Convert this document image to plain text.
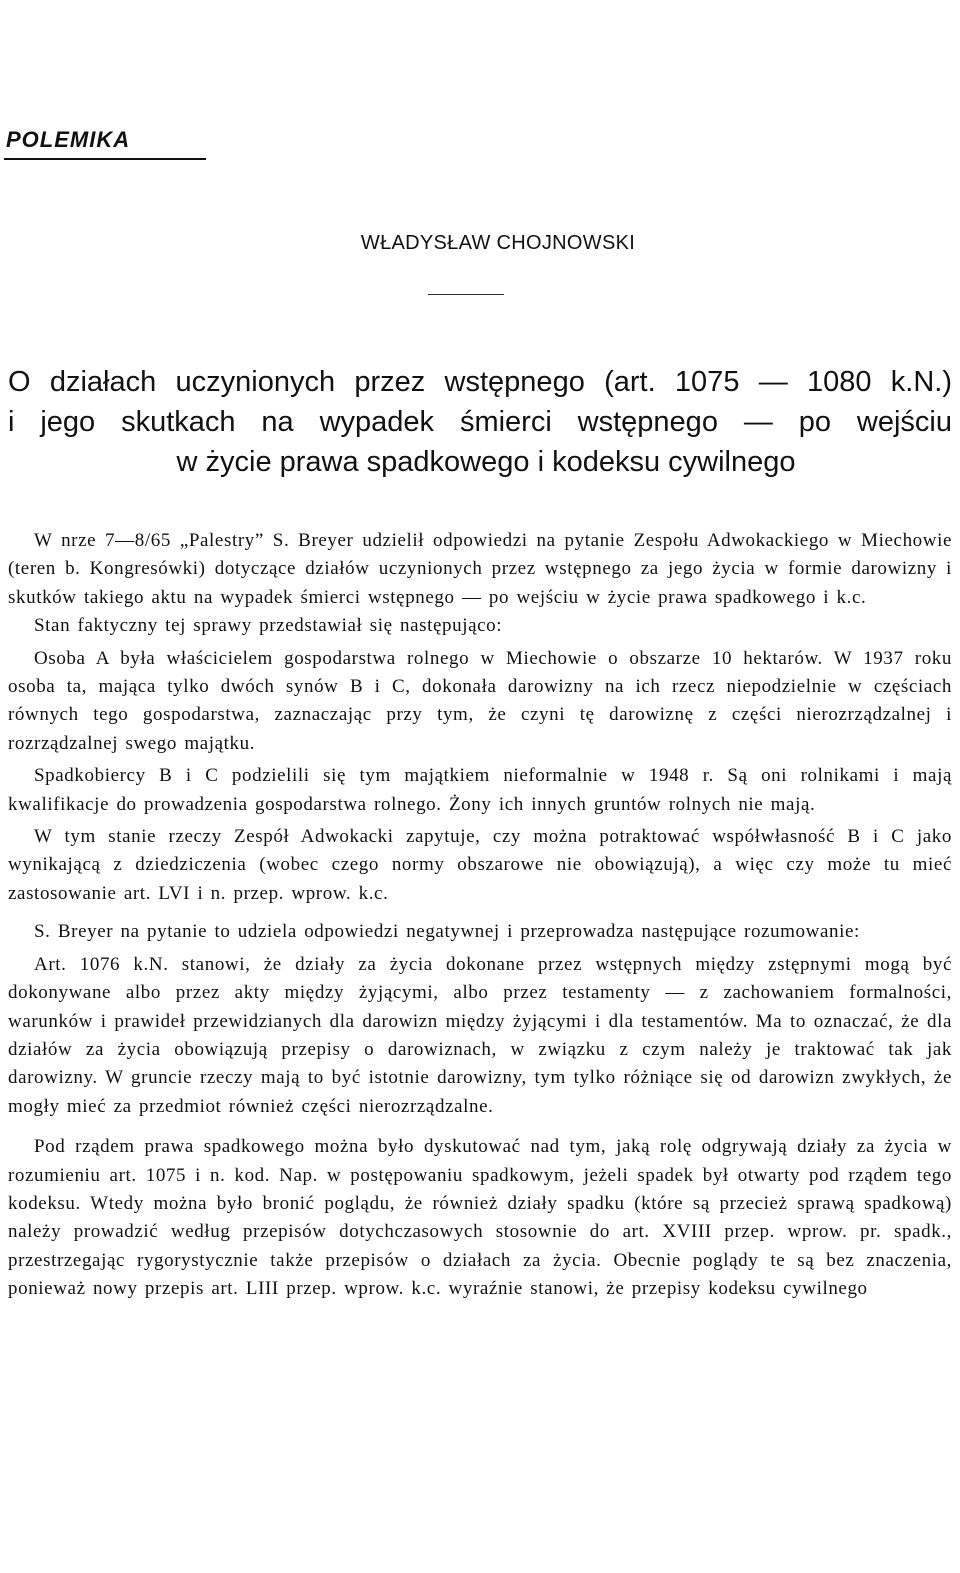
POLEMIKA
WŁADYSŁAW CHOJNOWSKI
O działach uczynionych przez wstępnego (art. 1075 — 1080 k.N.)
i jego skutkach na wypadek śmierci wstępnego — po wejściu
w życie prawa spadkowego i kodeksu cywilnego

W nrze 7—8/65 „Palestry” S. Breyer udzielił odpowiedzi na pytanie Zespołu Adwokackiego w Miechowie (teren b. Kongresówki) dotyczące działów uczynionych przez wstępnego za jego życia w formie darowizny i skutków takiego aktu na wypadek śmierci wstępnego — po wejściu w życie prawa spadkowego i k.c.

Stan faktyczny tej sprawy przedstawiał się następująco:

Osoba A była właścicielem gospodarstwa rolnego w Miechowie o obszarze 10 hektarów. W 1937 roku osoba ta, mająca tylko dwóch synów B i C, dokonała darowizny na ich rzecz niepodzielnie w częściach równych tego gospodarstwa, zaznaczając przy tym, że czyni tę darowiznę z części nierozrządzalnej i rozrządzalnej swego majątku.

Spadkobiercy B i C podzielili się tym majątkiem nieformalnie w 1948 r. Są oni rolnikami i mają kwalifikacje do prowadzenia gospodarstwa rolnego. Żony ich innych gruntów rolnych nie mają.

W tym stanie rzeczy Zespół Adwokacki zapytuje, czy można potraktować współwłasność B i C jako wynikającą z dziedziczenia (wobec czego normy obszarowe nie obowiązują), a więc czy może tu mieć zastosowanie art. LVI i n. przep. wprow. k.c.

S. Breyer na pytanie to udziela odpowiedzi negatywnej i przeprowadza następujące rozumowanie:

Art. 1076 k.N. stanowi, że działy za życia dokonane przez wstępnych między zstępnymi mogą być dokonywane albo przez akty między żyjącymi, albo przez testamenty — z zachowaniem formalności, warunków i prawideł przewidzianych dla darowizn między żyjącymi i dla testamentów. Ma to oznaczać, że dla działów za życia obowiązują przepisy o darowiznach, w związku z czym należy je traktować tak jak darowizny. W gruncie rzeczy mają to być istotnie darowizny, tym tylko różniące się od darowizn zwykłych, że mogły mieć za przedmiot również części nierozrządzalne.

Pod rządem prawa spadkowego można było dyskutować nad tym, jaką rolę odgrywają działy za życia w rozumieniu art. 1075 i n. kod. Nap. w postępowaniu spadkowym, jeżeli spadek był otwarty pod rządem tego kodeksu. Wtedy można było bronić poglądu, że również działy spadku (które są przecież sprawą spadkową) należy prowadzić według przepisów dotychczasowych stosownie do art. XVIII przep. wprow. pr. spadk., przestrzegając rygorystycznie także przepisów o działach za życia. Obecnie poglądy te są bez znaczenia, ponieważ nowy przepis art. LIII przep. wprow. k.c. wyraźnie stanowi, że przepisy kodeksu cywilnego
